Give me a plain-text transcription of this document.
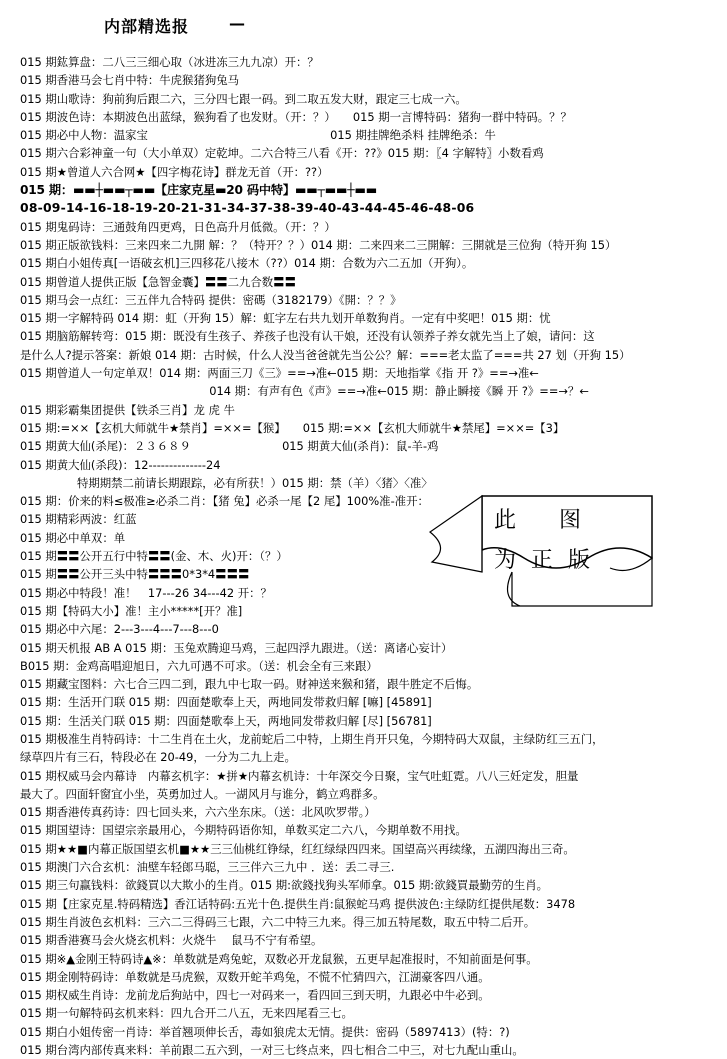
内部精选报 —
015 期鈜算盘：二八三三细心取（冰进冻三九九凉）开：？
015 期香港马会七肖中特：牛虎猴猪狗兔马
015 期山歌诗：狗前狗后跟二六，三分四七跟一码。到二取五发大财，跟定三七成一六。
015 期波色诗：本期波色出蓝绿，猴狗看了也发财。（开：？）　　015 期一言博特码：猪狗一群中特码。？？
015 期必中人物：温家宝　　　　　　　　　　　　　　　　015 期挂牌绝杀料 挂牌绝杀：牛
015 期六合彩神童一句（大小单双）定乾坤。二六合特三八看《开：??》015 期：〖4 字解特〗小数看鸡
015 期★曾道人六合网★【四字梅花诗】群龙无首（开：??）
015 期：▬▬┼▬▬┬▬▬【庄家克星▬20 码中特】▬▬┬▬▬┼▬▬
08-09-14-16-18-19-20-21-31-34-37-38-39-40-43-44-45-46-48-06
015 期鬼码诗：三通鼓角四更鸡，日色高升月低微。（开：？）
015 期正版欲钱料：三来四来二九開 解：？（特开？？）014 期：二来四来二三開解：三開就是三位狗（特开狗 15）
015 期白小姐传真[一语破玄机]三四移花八接木（??）014 期：合数为六二五加（开狗）。
015 期曾道人提供正版【急智金囊】〓〓二九合数〓〓
015 期马会一点红：三五伴九合特码 提供：密碼（3182179）《開：？？》
015 期一字解特码 014 期：虹（开狗 15）解：虹字左右共九划开单数狗肖。一定有中奖吧！015 期：忧
015 期脑筋解转弯：015 期：既没有生孩子、养孩子也没有认干娘，还没有认领养子养女就先当上了娘，请问：这
是什么人?提示答案：新娘 014 期：古时候，什么人没当爸爸就先当公公？解：===老太监了===共 27 划（开狗 15）
015 期曾道人一句定单双！014 期：两面三刀《三》==→准←015 期：天地指掌《指 开 ?》==→准←
　　　　　　　　　　　014 期：有声有色《声》==→准←015 期：静止瞬接《瞬 开 ?》==→？←
015 期彩霸集团提供【铁杀三肖】龙 虎 牛
015 期:=××【玄机大师就牛★禁肖】=××=【猴】　　015 期:=××【玄机大师就牛★禁尾】=××=【3】
015 期黄大仙(杀尾)：２３６８９　　　　　　　　015 期黄大仙(杀肖)：鼠-羊-鸡
015 期黄大仙(杀段)：12--------------24
　　　　　特期期禁二前请长期跟踪，必有所获！）015 期：禁（羊）〈猪〉〈准〉
015 期：价来的料≤极准≥必杀二肖：【猪 兔】必杀一尾【2 尾】100%准-准开：
015 期精彩两波：红蓝
015 期必中单双：单
015 期〓〓公开五行中特〓〓(金、木、火)开：（？）
015 期〓〓公开三头中特〓〓〓0*3*4〓〓〓
015 期必中特段！准！　17---26 34---42 开：？
015 期【特码大小】准！主小*****[开？准]
015 期必中六尾：2---3---4---7---8---0
015 期天机报 AB A 015 期：玉兔欢腾迎马鸡，三起四浮九跟进。（送：离诸心妄计）
B015 期：金鸡高唱迎旭日，六九可遇不可求。（送：机会全有三来跟）
015 期藏宝图料：六七合三四二到，跟九中七取一码。财神送来猴和猪，跟牛胜定不后悔。
015 期：生活开门联 015 期：四面楚歌奉上天，两地同发带救归解 [嘛] [45891]
015 期：生活关门联 015 期：四面楚歌奉上天，两地同发带救归解 [尽] [56781]
015 期极准生肖特码诗：十二生肖在土火，龙前蛇后二中特，上期生肖开只兔，今期特码大双鼠，主绿防红三五门，
绿草四片有三石，特段必在 20-49，一分为二九上走。
015 期权威马会内幕诗　内幕玄机字：★拼★内幕玄机诗：十年深交今日聚，宝气吐虹霓。八八三妊定发，胆量
最大了。四面轩窗宜小坐，英勇加过人。一湖风月与谁分，鹤立鸡群多。
015 期香港传真药诗：四七回头来，六六坐东床。（送：北风吹罗带。）
015 期国望诗：国望宗亲最用心，今期特码语你知，单数买定二六八，今期单数不用找。
015 期★★■内幕正版国望玄机■★★三三仙桃红铮绿，红红绿绿四四来。国望高兴再续缘，五湖四海出三奇。
015 期澳门六合玄机：油壁车轻郎马聪，三三伴六三九中 ．送：丢二寻三.
015 期三句赢钱料：欲錢買以大欺小的生肖。015 期:欲錢找狗头军师拿。015 期:欲錢買最勤劳的生肖。
015 期【庄家克星.特码精选】香江话特码:五光十色.提供生肖:鼠猴蛇马鸡 提供波色:主绿防红提供尾数：3478
015 期生肖波色玄机料：三六二三得码三七跟，六二中特三九来。得三加五特尾数，取五中特二后开。
015 期香港赛马会火烧玄机料：火烧牛　 鼠马不宁有希望。
015 期※▲金刚王特码诗▲※：单数就是鸡兔蛇，双数必开龙鼠猴，五更早起准报时，不知前面是何事。
015 期金刚特码诗：单数就是马虎猴，双数开蛇羊鸡兔，不慌不忙猜四六，江湖豪客四八通。
015 期权威生肖诗：龙前龙后狗站中，四七一对码来一，看四回三到天明，九跟必中牛必到。
015 期一句解特码玄机来料：四九合开二八五，无来四尾看三七。
015 期白小姐传密一肖诗：举首翘项伸长舌，毒如狼虎太无情。提供：密码（5897413）(特：?)
015 期台湾内部传真来料：羊前跟二五六到，一对三七终点来，四七相合二中三，对七九配山重山。
此 图
为 正 版
